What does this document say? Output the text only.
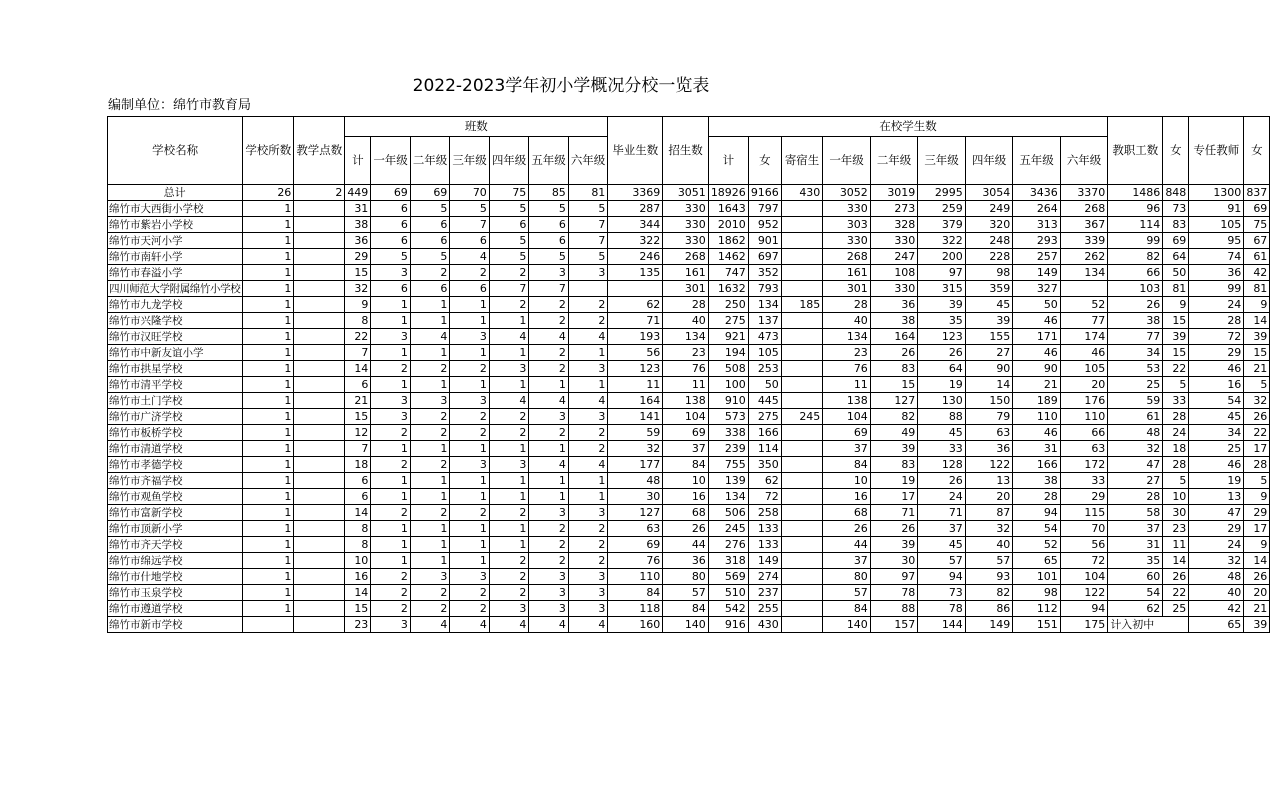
2022-2023学年初小学概况分校一览表
编制单位：绵竹市教育局
学校名称	学校所数	教学点数	班数							毕业生数	招生数	在校学生数									教职工数	女	专任教师	女
			计	一年级	二年级	三年级	四年级	五年级	六年级			计	女	寄宿生	一年级	二年级	三年级	四年级	五年级	六年级				
总计	26	2	449	69	69	70	75	85	81	3369	3051	18926	9166	430	3052	3019	2995	3054	3436	3370	1486	848	1300	837
绵竹市大西街小学校	1		31	6	5	5	5	5	5	287	330	1643	797		330	273	259	249	264	268	96	73	91	69
绵竹市紫岩小学校	1		38	6	6	7	6	6	7	344	330	2010	952		303	328	379	320	313	367	114	83	105	75
绵竹市天河小学	1		36	6	6	6	5	6	7	322	330	1862	901		330	330	322	248	293	339	99	69	95	67
绵竹市南轩小学	1		29	5	5	4	5	5	5	246	268	1462	697		268	247	200	228	257	262	82	64	74	61
绵竹市春溢小学	1		15	3	2	2	2	3	3	135	161	747	352		161	108	97	98	149	134	66	50	36	42
四川师范大学附属绵竹小学校	1		32	6	6	6	7	7			301	1632	793		301	330	315	359	327		103	81	99	81
绵竹市九龙学校	1		9	1	1	1	2	2	2	62	28	250	134	185	28	36	39	45	50	52	26	9	24	9
绵竹市兴隆学校	1		8	1	1	1	1	2	2	71	40	275	137		40	38	35	39	46	77	38	15	28	14
绵竹市汉旺学校	1		22	3	4	3	4	4	4	193	134	921	473		134	164	123	155	171	174	77	39	72	39
绵竹市中新友谊小学	1		7	1	1	1	1	2	1	56	23	194	105		23	26	26	27	46	46	34	15	29	15
绵竹市拱星学校	1		14	2	2	2	3	2	3	123	76	508	253		76	83	64	90	90	105	53	22	46	21
绵竹市清平学校	1		6	1	1	1	1	1	1	11	11	100	50		11	15	19	14	21	20	25	5	16	5
绵竹市土门学校	1		21	3	3	3	4	4	4	164	138	910	445		138	127	130	150	189	176	59	33	54	32
绵竹市广济学校	1		15	3	2	2	2	3	3	141	104	573	275	245	104	82	88	79	110	110	61	28	45	26
绵竹市板桥学校	1		12	2	2	2	2	2	2	59	69	338	166		69	49	45	63	46	66	48	24	34	22
绵竹市清道学校	1		7	1	1	1	1	1	2	32	37	239	114		37	39	33	36	31	63	32	18	25	17
绵竹市孝德学校	1		18	2	2	3	3	4	4	177	84	755	350		84	83	128	122	166	172	47	28	46	28
绵竹市齐福学校	1		6	1	1	1	1	1	1	48	10	139	62		10	19	26	13	38	33	27	5	19	5
绵竹市观鱼学校	1		6	1	1	1	1	1	1	30	16	134	72		16	17	24	20	28	29	28	10	13	9
绵竹市富新学校	1		14	2	2	2	2	3	3	127	68	506	258		68	71	71	87	94	115	58	30	47	29
绵竹市顶新小学	1		8	1	1	1	1	2	2	63	26	245	133		26	26	37	32	54	70	37	23	29	17
绵竹市齐天学校	1		8	1	1	1	1	2	2	69	44	276	133		44	39	45	40	52	56	31	11	24	9
绵竹市绵远学校	1		10	1	1	1	2	2	2	76	36	318	149		37	30	57	57	65	72	35	14	32	14
绵竹市什地学校	1		16	2	3	3	2	3	3	110	80	569	274		80	97	94	93	101	104	60	26	48	26
绵竹市玉泉学校	1		14	2	2	2	2	3	3	84	57	510	237		57	78	73	82	98	122	54	22	40	20
绵竹市遵道学校	1		15	2	2	2	3	3	3	118	84	542	255		84	88	78	86	112	94	62	25	42	21
绵竹市新市学校			23	3	4	4	4	4	4	160	140	916	430		140	157	144	149	151	175	计入初中		65	39
